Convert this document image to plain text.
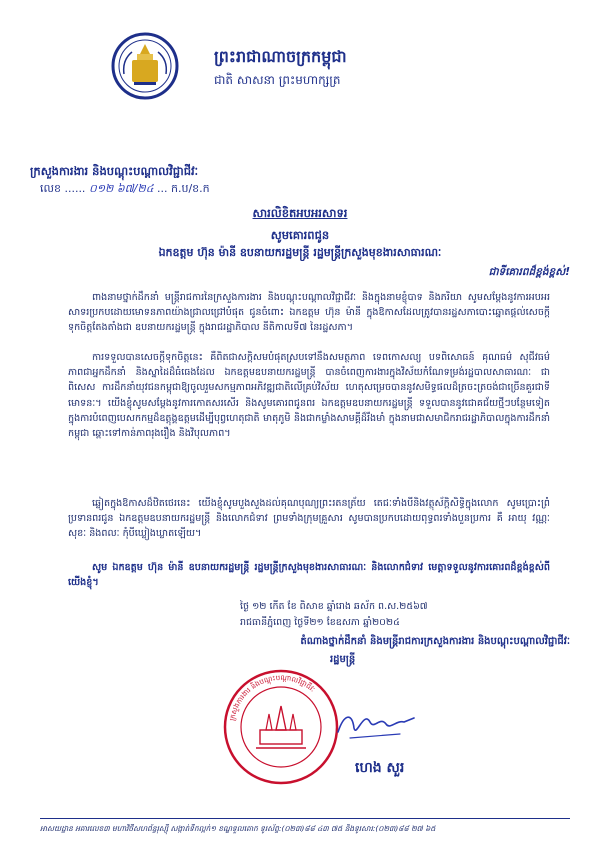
ព្រះរាជាណាចក្រកម្ពុជា
ជាតិ សាសនា ព្រះមហាក្សត្រ
ក្រសួងការងារ និងបណ្តុះបណ្តាលវិជ្ជាជីវៈ
លេខ ...... ០១២ ៦៧/២៤ ... ក.ប/ខ.ក
សារលិខិតអបអរសាទរ
សូមគោរពជូន
ឯកឧត្តម ហ៊ុន ម៉ានី ឧបនាយករដ្ឋមន្ត្រី រដ្ឋមន្ត្រីក្រសួងមុខងារសាធារណៈ
ជាទីគោរពដ៏ខ្ពង់ខ្ពស់!
ពាងនាមថ្នាក់ដឹកនាំ មន្ត្រីរាជការនៃក្រសួងការងារ និងបណ្តុះបណ្តាលវិជ្ជាជីវៈ និងក្នុងនាមខ្ញុំបាទ និងភរិយា សូមសម្តែងនូវការអបអរសាទរប្រកបដោយមោទនភាពយ៉ាងជ្រាលជ្រៅបំផុត ជូនចំពោះ ឯកឧត្តម ហ៊ុន ម៉ានី ក្នុងឱកាសដែលត្រូវបានរដ្ឋសភាបោះឆ្នោតផ្តល់សេចក្តីទុកចិត្តតែងតាំងជា ឧបនាយករដ្ឋមន្ត្រី ក្នុងរាជរដ្ឋាភិបាល នីតិកាលទី៧ នៃរដ្ឋសភា។
ការទទួលបានសេចក្តីទុកចិត្តនេះ គឺពិតជាសក្តិសមបំផុតស្របទៅនឹងសមត្ថភាព ទេពកោសល្យ បទពិសោធន៍ គុណធម៌ សុជីវធម៌ ភាពជាអ្នកដឹកនាំ និងស្នាដៃដ៏ធំធេងដែល ឯកឧត្តមឧបនាយករដ្ឋមន្ត្រី បានចំពេញការងារក្នុងវិស័យកំណែទម្រង់រដ្ឋបាលសាធារណៈ ជាពិសេស ការដឹកនាំយុវជនកម្ពុជាឱ្យចូលរួមសកម្មភាពអភិវឌ្ឍជាតិលើគ្រប់វិស័យ ហេតុសម្រេចបាននូវសមិទ្ធផលដ៏ត្រចះត្រចង់ជាច្រើនគួរជាទីមោទនៈ។ យើងខ្ញុំសូមសម្តែងនូវការកោតសរសើរ និងសូមគោរពជូនពរ ឯកឧត្តមឧបនាយករដ្ឋមន្ត្រី ទទួលបាននូវជោគជ័យថ្មីៗបន្ថែមទៀត ក្នុងការបំពេញបេសកកម្មដ៏ឧត្តុង្គឧត្តមដើម្បីបុព្វហេតុជាតិ មាតុភូមិ និងជាកម្លាំងសាមគ្គីដ៏រឹងមាំ ក្នុងនាមជាសមាជិករាជរដ្ឋាភិបាលក្នុងការដឹកនាំកម្ពុជា ឆ្ពោះទៅកាន់ភាពរុងរឿង និងវិបុលភាព។
ឆ្លៀតក្នុងឱកាសដ៏ឋិតថេរនេះ យើងខ្ញុំសូមបួងសួងដល់គុណបុណ្យព្រះរតនត្រ័យ តេជៈទាំងបីនិងវត្ថុស័ក្តិសិទ្ធិក្នុងលោក សូមប្រោះព្រំ ប្រទានពរជូន ឯកឧត្តមឧបនាយករដ្ឋមន្ត្រី និងលោកជំទាវ ព្រមទាំងក្រុមគ្រួសារ សូមបានប្រកបដោយពុទ្ធពរទាំងបួនប្រការ គឺ អាយុ វណ្ណៈ សុខៈ និងពលៈ កុំបីឃ្លៀងឃ្លាតឡើយ។
សូម ឯកឧត្តម ហ៊ុន ម៉ានី ឧបនាយករដ្ឋមន្ត្រី រដ្ឋមន្ត្រីក្រសួងមុខងារសាធារណៈ និងលោកជំទាវ មេត្តាទទួលនូវការគោរពដ៏ខ្ពង់ខ្ពស់ពីយើងខ្ញុំ។
ថ្ងៃ ១២ កើត ខែ ពិសាខ ឆ្នាំរោង ឆស័ក ព.ស.២៥៦៧
រាជធានីភ្នំពេញ ថ្ងៃទី២១ ខែឧសភា ឆ្នាំ២០២៤
តំណាងថ្នាក់ដឹកនាំ និងមន្ត្រីរាជការក្រសួងការងារ និងបណ្តុះបណ្តាលវិជ្ជាជីវៈ
រដ្ឋមន្ត្រី
ក្រសួងការងារ និងបណ្តុះបណ្តាលវិជ្ជាជីវៈ
ហេង សួរ
អាសយដ្ឋាន អគារលេខ៣ មហាវិថីសហព័ន្ធរុស្ស៊ី សង្កាត់ទឹកល្អក់១ ខណ្ឌទួលគោក ទូរស័ព្ទ:(០២៣)៨៨ ៤៣ ៧៥ និងទូរសារ:(០២៣)៨៨ ២៧ ៦៥
